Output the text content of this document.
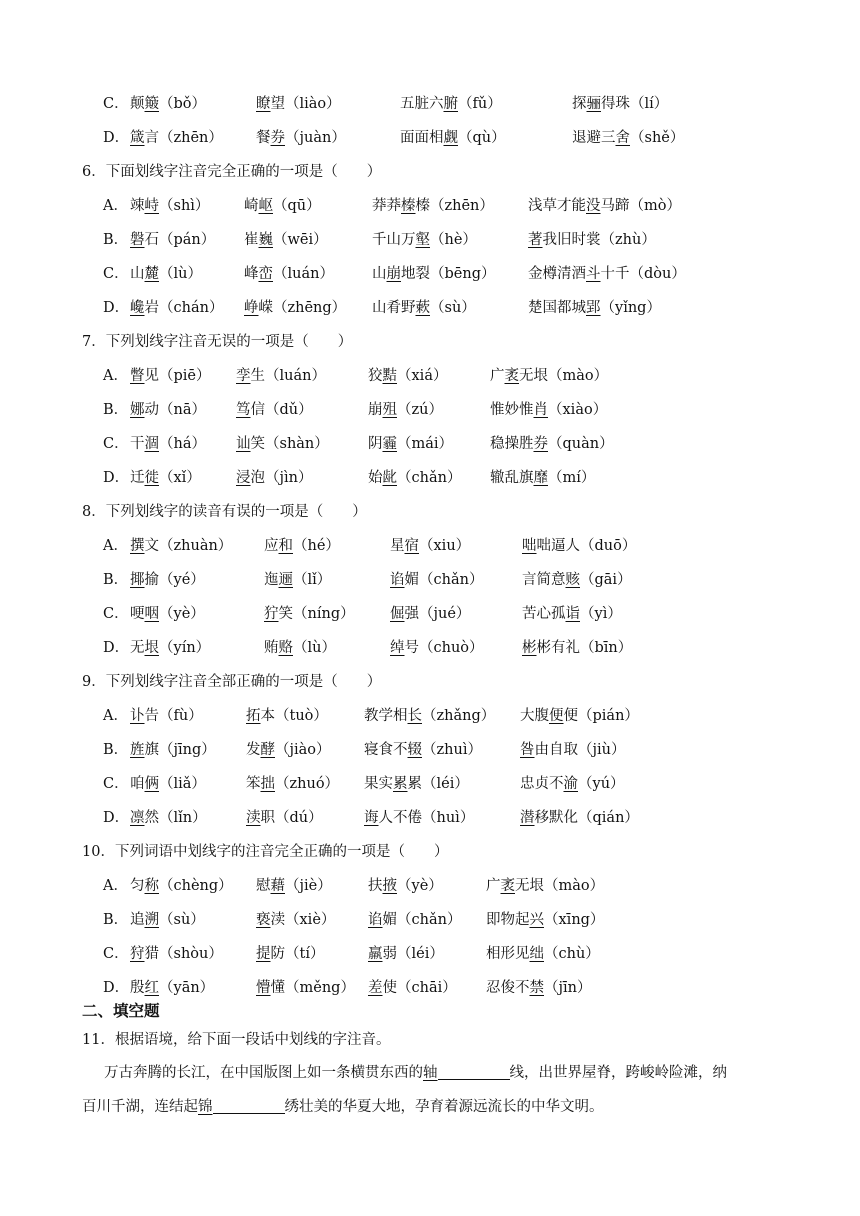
C． 颠簸（bǒ）	瞭望（liào）	五脏六腑（fǔ）	探骊得珠（lí）
D． 箴言（zhēn） 餐券（juàn）	面面相觑（qù）	退避三舍（shě）
6．下面划线字注音完全正确的一项是（　　）
A． 竦峙（shì） 崎岖（qū）	莽莽榛榛（zhēn） 浅草才能没马蹄（mò）
B． 磐石（pán） 崔巍（wēi）	千山万壑（hè）	著我旧时裳（zhù）
C． 山麓（lù）	峰峦（luán）	山崩地裂（bēng） 金樽清酒斗十千（dòu）
D． 巉岩（chán） 峥嵘（zhēng） 山肴野蔌（sù）	楚国都城郢（yǐng）
7．下列划线字注音无误的一项是（　　）
A． 瞥见（piē） 孪生（luán）	狡黠（xiá）	广袤无垠（mào）
B． 娜动（nā） 笃信（dǔ）	崩殂（zú）	惟妙惟肖（xiào）
C． 干涸（há） 讪笑（shàn）	阴霾（mái）	稳操胜券（quàn）
D． 迁徙（xǐ） 浸泡（jìn）	始龀（chǎn） 辙乱旗靡（mí）
8．下列划线字的读音有误的一项是（　　）
A． 撰文（zhuàn） 应和（hé）	星宿（xiu）	咄咄逼人（duō）
B． 揶揄（yé）	迤逦（lǐ）	谄媚（chǎn）	言简意赅（gāi）
C． 哽咽（yè）	狞笑（níng） 倔强（jué）	苦心孤诣（yì）
D． 无垠（yín）	贿赂（lù）	绰号（chuò）	彬彬有礼（bīn）
9．下列划线字注音全部正确的一项是（　　）
A． 讣告（fù）	拓本（tuò） 教学相长（zhǎng） 大腹便便（pián）
B． 旌旗（jīng） 发酵（jiào） 寝食不辍（zhuì）	咎由自取（jiù）
C． 咱俩（liǎ）	笨拙（zhuó） 果实累累（léi）	忠贞不渝（yú）
D． 凛然（lǐn）	渎职（dú）	诲人不倦（huì）	潜移默化（qián）
10．下列词语中划线字的注音完全正确的一项是（　　）
A． 匀称（chèng） 慰藉（jiè）	扶掖（yè）	广袤无垠（mào）
B． 追溯（sù）	亵渎（xiè） 谄媚（chǎn） 即物起兴（xīng）
C． 狩猎（shòu） 提防（tí）	羸弱（léi）	相形见绌（chù）
D． 殷红（yān）	懵懂（měng） 差使（chāi） 忍俊不禁（jīn）
二、填空题
11．根据语境，给下面一段话中划线的字注音。
万古奔腾的长江，在中国版图上如一条横贯东西的轴	线，出世界屋脊，跨峻岭险滩，纳
百川千湖，连结起锦	绣壮美的华夏大地，孕育着源远流长的中华文明。
